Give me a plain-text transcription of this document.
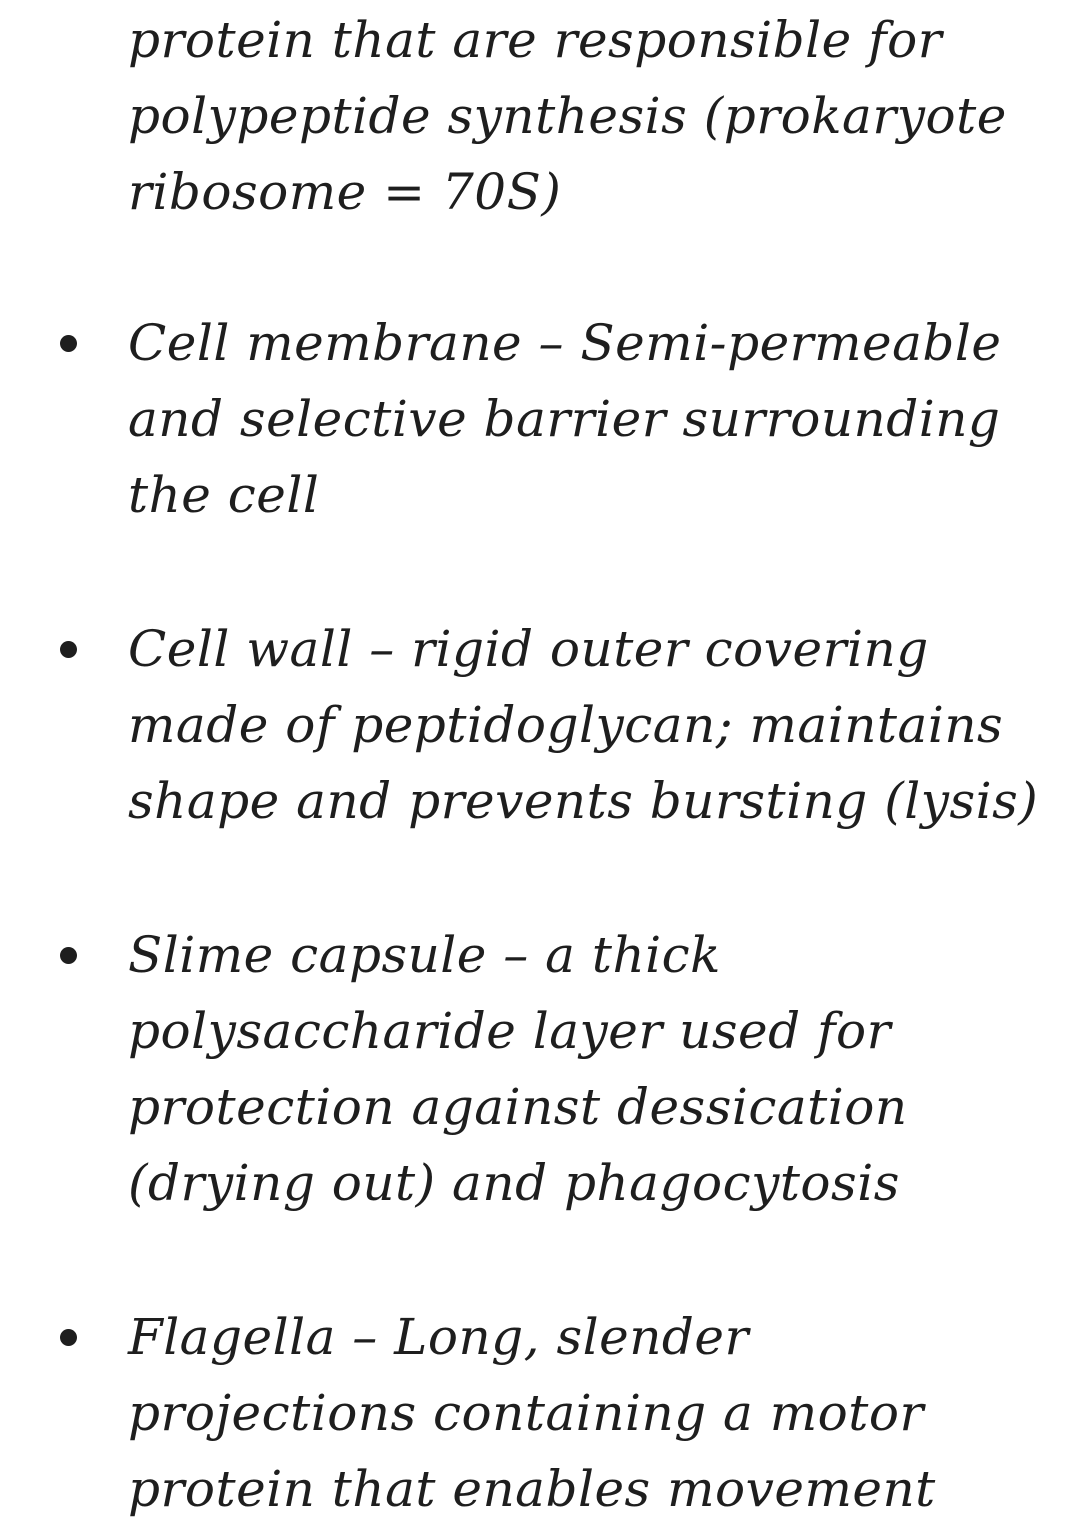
protein that are responsible for
polypeptide synthesis (prokaryote
ribosome = 70S)
Cell membrane – Semi-permeable
and selective barrier surrounding
the cell
Cell wall – rigid outer covering
made of peptidoglycan; maintains
shape and prevents bursting (lysis)
Slime capsule – a thick
polysaccharide layer used for
protection against dessication
(drying out) and phagocytosis
Flagella – Long, slender
projections containing a motor
protein that enables movement
